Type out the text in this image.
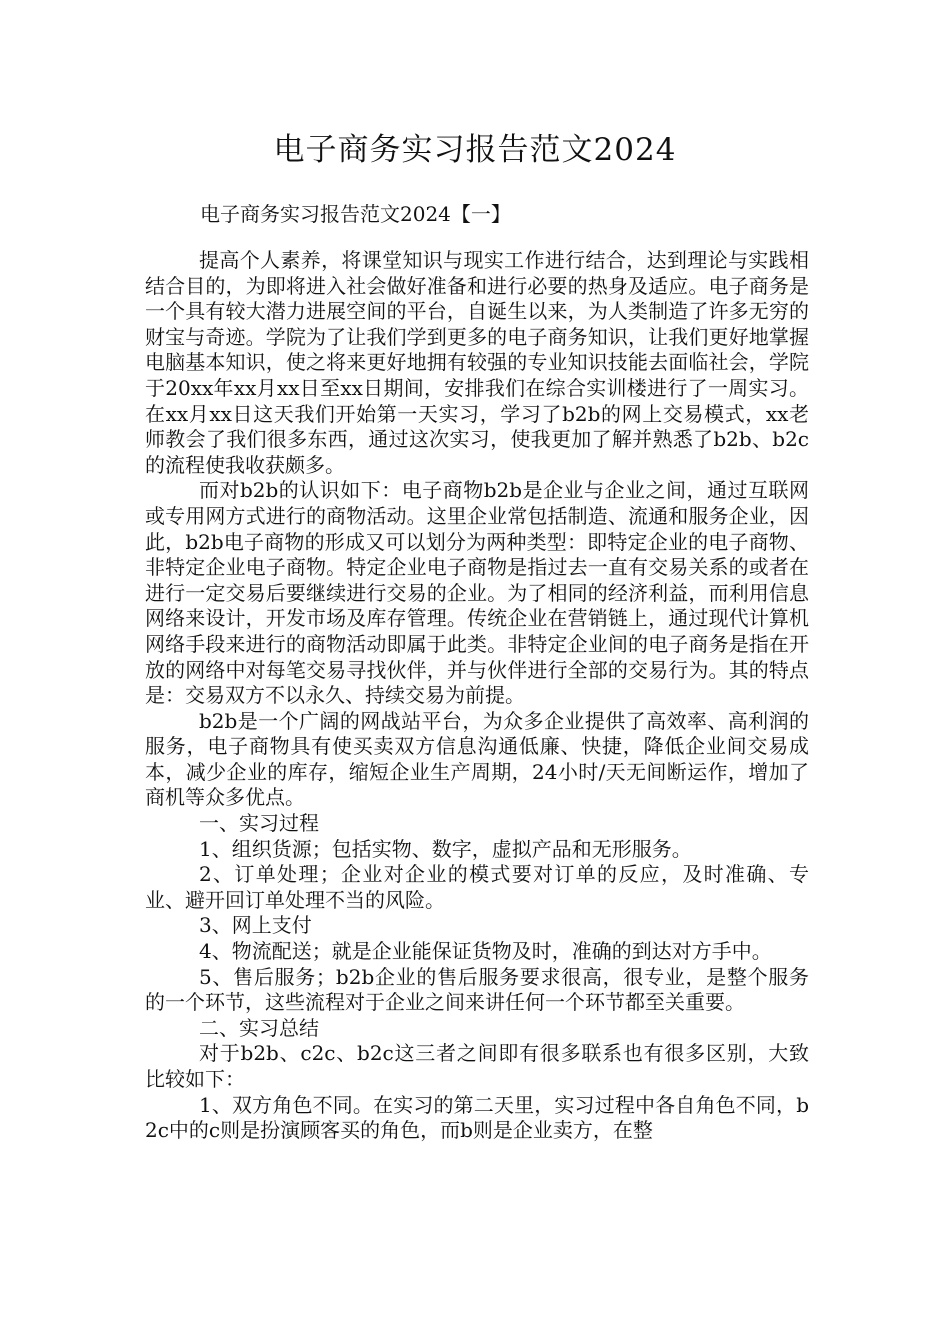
电子商务实习报告范文2024

电子商务实习报告范文2024【一】

提高个人素养，将课堂知识与现实工作进行结合，达到理论与实践相结合目的，为即将进入社会做好准备和进行必要的热身及适应。电子商务是一个具有较大潜力进展空间的平台，自诞生以来，为人类制造了许多无穷的财宝与奇迹。学院为了让我们学到更多的电子商务知识，让我们更好地掌握电脑基本知识，使之将来更好地拥有较强的专业知识技能去面临社会，学院于20xx年xx月xx日至xx日期间，安排我们在综合实训楼进行了一周实习。在xx月xx日这天我们开始第一天实习，学习了b2b的网上交易模式，xx老师教会了我们很多东西，通过这次实习，使我更加了解并熟悉了b2b、b2c的流程使我收获颇多。

而对b2b的认识如下：电子商物b2b是企业与企业之间，通过互联网或专用网方式进行的商物活动。这里企业常包括制造、流通和服务企业，因此，b2b电子商物的形成又可以划分为两种类型：即特定企业的电子商物、非特定企业电子商物。特定企业电子商物是指过去一直有交易关系的或者在进行一定交易后要继续进行交易的企业。为了相同的经济利益，而利用信息网络来设计，开发市场及库存管理。传统企业在营销链上，通过现代计算机网络手段来进行的商物活动即属于此类。非特定企业间的电子商务是指在开放的网络中对每笔交易寻找伙伴，并与伙伴进行全部的交易行为。其的特点是：交易双方不以永久、持续交易为前提。

b2b是一个广阔的网战站平台，为众多企业提供了高效率、高利润的服务，电子商物具有使买卖双方信息沟通低廉、快捷，降低企业间交易成本，减少企业的库存，缩短企业生产周期，24小时/天无间断运作，增加了商机等众多优点。

一、实习过程

1、组织货源；包括实物、数字，虚拟产品和无形服务。

2、订单处理；企业对企业的模式要对订单的反应，及时准确、专业、避开回订单处理不当的风险。

3、网上支付

4、物流配送；就是企业能保证货物及时，准确的到达对方手中。

5、售后服务；b2b企业的售后服务要求很高，很专业，是整个服务的一个环节，这些流程对于企业之间来讲任何一个环节都至关重要。

二、实习总结

对于b2b、c2c、b2c这三者之间即有很多联系也有很多区别，大致比较如下：

1、双方角色不同。在实习的第二天里，实习过程中各自角色不同，b2c中的c则是扮演顾客买的角色，而b则是企业卖方，在整
